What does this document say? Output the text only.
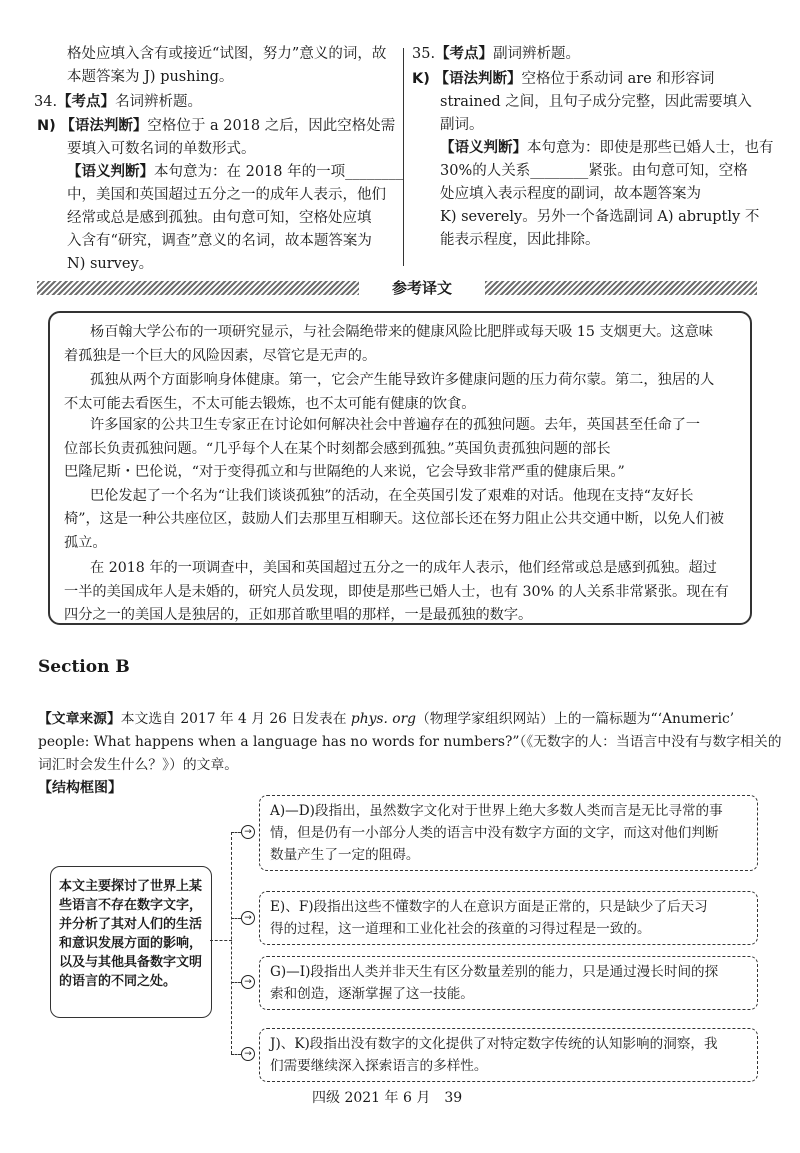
格处应填入含有或接近“试图，努力”意义的词，故
本题答案为 J) pushing。
34.【考点】名词辨析题。
N) 【语法判断】空格位于 a 2018 之后，因此空格处需
要填入可数名词的单数形式。
【语义判断】本句意为：在 2018 年的一项________
中，美国和英国超过五分之一的成年人表示，他们
经常或总是感到孤独。由句意可知，空格处应填
入含有“研究，调查”意义的名词，故本题答案为
N) survey。
35.【考点】副词辨析题。
K) 【语法判断】空格位于系动词 are 和形容词
strained 之间，且句子成分完整，因此需要填入
副词。
【语义判断】本句意为：即使是那些已婚人士，也有
30%的人关系________紧张。由句意可知，空格
处应填入表示程度的副词，故本题答案为
K) severely。另外一个备选副词 A) abruptly 不
能表示程度，因此排除。
参考译文
杨百翰大学公布的一项研究显示，与社会隔绝带来的健康风险比肥胖或每天吸 15 支烟更大。这意味
着孤独是一个巨大的风险因素，尽管它是无声的。
孤独从两个方面影响身体健康。第一，它会产生能导致许多健康问题的压力荷尔蒙。第二，独居的人
不太可能去看医生，不太可能去锻炼，也不太可能有健康的饮食。
许多国家的公共卫生专家正在讨论如何解决社会中普遍存在的孤独问题。去年，英国甚至任命了一
位部长负责孤独问题。“几乎每个人在某个时刻都会感到孤独。”英国负责孤独问题的部长
巴隆尼斯・巴伦说，“对于变得孤立和与世隔绝的人来说，它会导致非常严重的健康后果。”
巴伦发起了一个名为“让我们谈谈孤独”的活动，在全英国引发了艰难的对话。他现在支持“友好长
椅”，这是一种公共座位区，鼓励人们去那里互相聊天。这位部长还在努力阻止公共交通中断，以免人们被
孤立。
在 2018 年的一项调查中，美国和英国超过五分之一的成年人表示，他们经常或总是感到孤独。超过
一半的美国成年人是未婚的，研究人员发现，即使是那些已婚人士，也有 30% 的人关系非常紧张。现在有
四分之一的美国人是独居的，正如那首歌里唱的那样，一是最孤独的数字。
Section B
【文章来源】本文选自 2017 年 4 月 26 日发表在 phys. org（物理学家组织网站）上的一篇标题为“‘Anumeric’
people: What happens when a language has no words for numbers?”（《无数字的人：当语言中没有与数字相关的
词汇时会发生什么？》）的文章。
【结构框图】
本文主要探讨了世界上某些语言不存在数字文字，并分析了其对人们的生活和意识发展方面的影响，以及与其他具备数字文明的语言的不同之处。
→
→
→
→
A)—D)段指出，虽然数字文化对于世界上绝大多数人类而言是无比寻常的事
情，但是仍有一小部分人类的语言中没有数字方面的文字，而这对他们判断
数量产生了一定的阻碍。
E)、F)段指出这些不懂数字的人在意识方面是正常的，只是缺少了后天习
得的过程，这一道理和工业化社会的孩童的习得过程是一致的。
G)—I)段指出人类并非天生有区分数量差别的能力，只是通过漫长时间的探
索和创造，逐渐掌握了这一技能。
J)、K)段指出没有数字的文化提供了对特定数字传统的认知影响的洞察，我
们需要继续深入探索语言的多样性。
四级 2021 年 6 月　39
